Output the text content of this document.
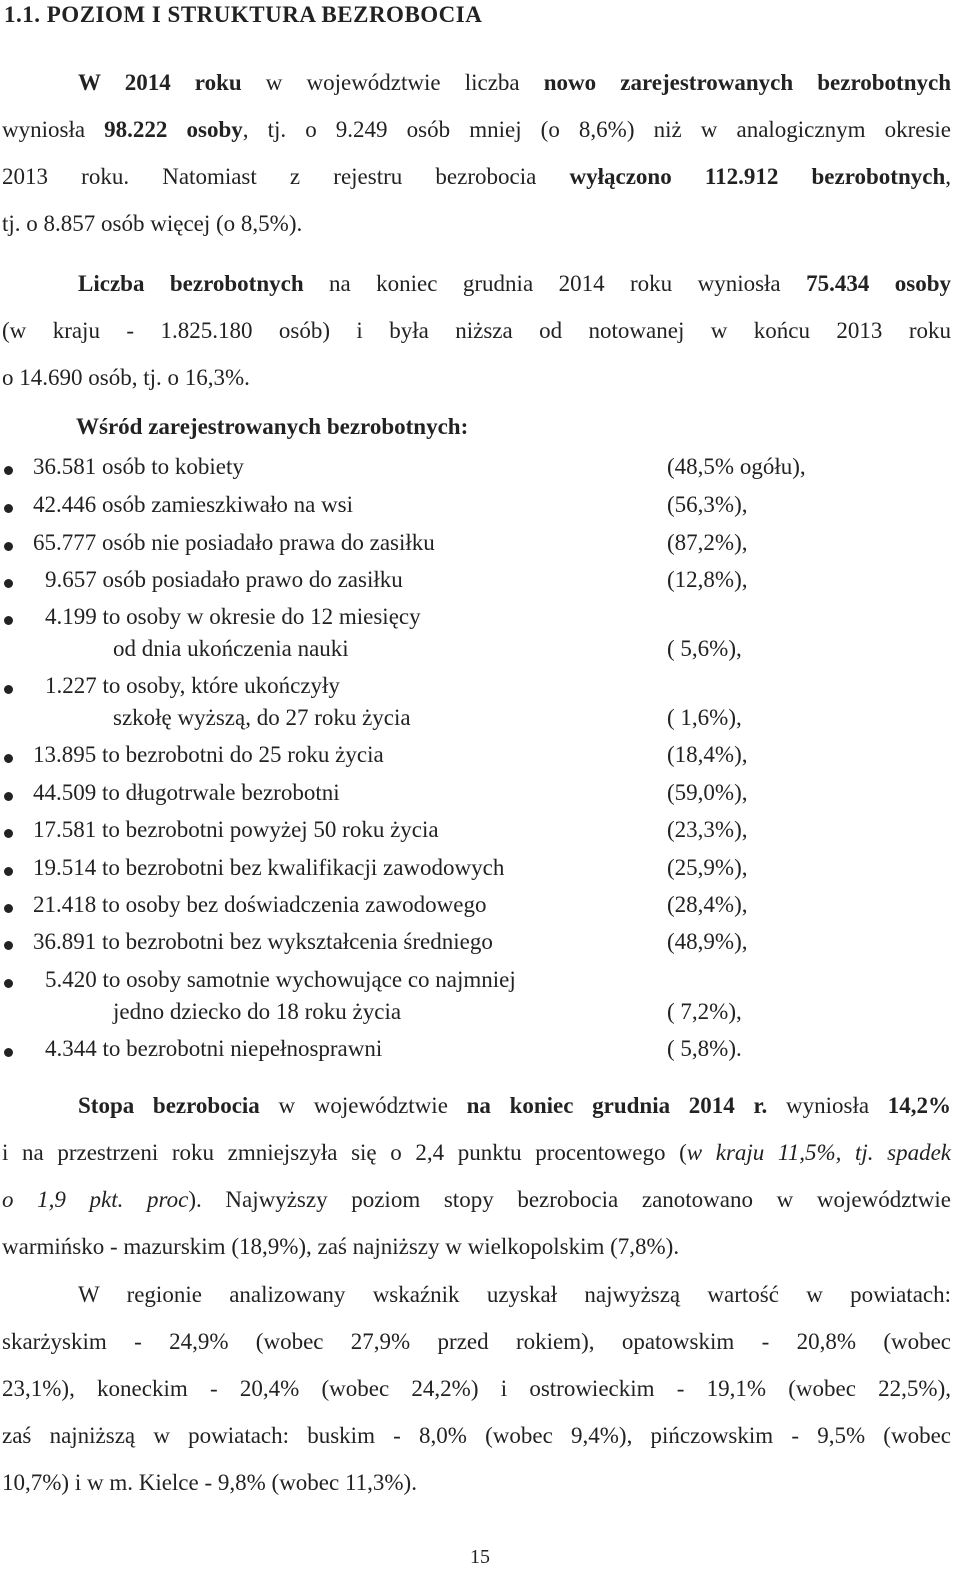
1.1. POZIOM I STRUKTURA BEZROBOCIA
W 2014 roku w województwie liczba nowo zarejestrowanych bezrobotnych
wyniosła 98.222 osoby, tj. o 9.249 osób mniej (o 8,6%) niż w analogicznym okresie
2013 roku. Natomiast z rejestru bezrobocia wyłączono 112.912 bezrobotnych,
tj. o 8.857 osób więcej (o 8,5%).
Liczba bezrobotnych na koniec grudnia 2014 roku wyniosła 75.434 osoby
(w kraju - 1.825.180 osób) i była niższa od notowanej w końcu 2013 roku
o 14.690 osób, tj. o 16,3%.
Wśród zarejestrowanych bezrobotnych:
36.581 osób to kobiety	(48,5% ogółu),
42.446 osób zamieszkiwało na wsi	(56,3%),
65.777 osób nie posiadało prawa do zasiłku	(87,2%),
9.657 osób posiadało prawo do zasiłku	(12,8%),
4.199 to osoby w okresie do 12 miesięcy
od dnia ukończenia nauki	( 5,6%),
1.227 to osoby, które ukończyły
szkołę wyższą, do 27 roku życia	( 1,6%),
13.895 to bezrobotni do 25 roku życia	(18,4%),
44.509 to długotrwale bezrobotni	(59,0%),
17.581 to bezrobotni powyżej 50 roku życia	(23,3%),
19.514 to bezrobotni bez kwalifikacji zawodowych	(25,9%),
21.418 to osoby bez doświadczenia zawodowego	(28,4%),
36.891 to bezrobotni bez wykształcenia średniego	(48,9%),
5.420 to osoby samotnie wychowujące co najmniej
jedno dziecko do 18 roku życia	( 7,2%),
4.344 to bezrobotni niepełnosprawni	( 5,8%).
Stopa bezrobocia w województwie na koniec grudnia 2014 r. wyniosła 14,2%
i na przestrzeni roku zmniejszyła się o 2,4 punktu procentowego (w kraju 11,5%, tj. spadek
o 1,9 pkt. proc). Najwyższy poziom stopy bezrobocia zanotowano w województwie
warmińsko - mazurskim (18,9%), zaś najniższy w wielkopolskim (7,8%).
W regionie analizowany wskaźnik uzyskał najwyższą wartość w powiatach:
skarżyskim - 24,9% (wobec 27,9% przed rokiem), opatowskim - 20,8% (wobec
23,1%), koneckim - 20,4% (wobec 24,2%) i ostrowieckim - 19,1% (wobec 22,5%),
zaś najniższą w powiatach: buskim - 8,0% (wobec 9,4%), pińczowskim - 9,5% (wobec
10,7%) i w m. Kielce - 9,8% (wobec 11,3%).
15
